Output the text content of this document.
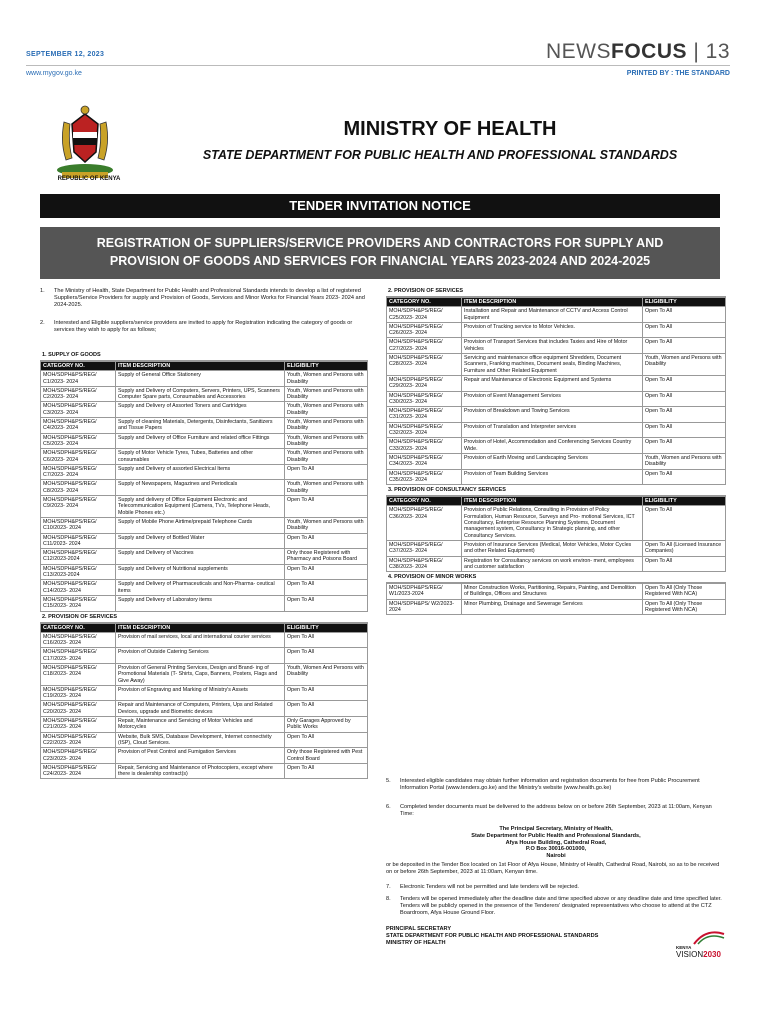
SEPTEMBER 12, 2023
www.mygov.go.ke
NEWSFOCUS | 13
PRINTED BY : THE STANDARD
REPUBLIC OF KENYA
MINISTRY OF HEALTH
STATE DEPARTMENT FOR PUBLIC HEALTH AND PROFESSIONAL STANDARDS
TENDER INVITATION NOTICE
REGISTRATION OF SUPPLIERS/SERVICE PROVIDERS AND CONTRACTORS FOR SUPPLY AND
PROVISION OF GOODS AND SERVICES FOR FINANCIAL YEARS 2023-2024 AND 2024-2025
1. The Ministry of Health, State Department for Public Health and Professional Standards intends to develop a list of registered Suppliers/Service Providers for supply and Provision of Goods, Services and Minor Works for Financial Years 2023- 2024 and 2024-2025.
2. Interested and Eligible suppliers/service providers are invited to apply for Registration indicating the category of goods or services they wish to apply for as follows;
1. SUPPLY OF GOODS
CATEGORY NO.	ITEM DESCRIPTION	ELIGIBILITY
MOH/SDPH&PS/REG/ C1/2023- 2024	Supply of General Office Stationery	Youth, Women and Persons with Disability
MOH/SDPH&PS/REG/ C2/2023- 2024	Supply and Delivery of Computers, Servers, Printers, UPS, Scanners Computer Spare parts, Consumables and Accessories	Youth, Women and Persons with Disability
MOH/SDPH&PS/REG/ C3/2023- 2024	Supply and Delivery of Assorted Toners and Cartridges	Youth, Women and Persons with Disability
MOH/SDPH&PS/REG/ C4/2023- 2024	Supply of cleaning Materials, Detergents, Disinfectants, Sanitizers and Tissue Papers	Youth, Women and Persons with Disability
MOH/SDPH&PS/REG/ C5/2023- 2024	Supply and Delivery of Office Furniture and related office Fittings	Youth, Women and Persons with Disability
MOH/SDPH&PS/REG/ C6/2023- 2024	Supply of Motor Vehicle Tyres, Tubes, Batteries and other consumables	Youth, Women and Persons with Disability
MOH/SDPH&PS/REG/ C7/2023- 2024	Supply and Delivery of assorted Electrical Items	Open To All
MOH/SDPH&PS/REG/ C8/2023- 2024	Supply of Newspapers, Magazines and Periodicals	Youth, Women and Persons with Disability
MOH/SDPH&PS/REG/ C9/2023- 2024	Supply and delivery of Office Equipment Electronic and Telecommunication Equipment (Camera, TVs, Telephone Heads, Mobile Phones etc.)	Open To All
MOH/SDPH&PS/REG/ C10/2023- 2024	Supply of Mobile Phone Airtime/prepaid Telephone Cards	Youth, Women and Persons with Disability
MOH/SDPH&PS/REG/ C11/2023- 2024	Supply and Delivery of Bottled Water	Open To All
MOH/SDPH&PS/REG/ C12/2023-2024	Supply and Delivery of Vaccines	Only those Registered with Pharmacy and Poisons Board
MOH/SDPH&PS/REG/ C13/2023-2024	Supply and Delivery of Nutritional supplements	Open To All
MOH/SDPH&PS/REG/ C14/2023- 2024	Supply and Delivery of Pharmaceuticals and Non-Pharma- ceutical items	Open To All
MOH/SDPH&PS/REG/ C15/2023- 2024	Supply and Delivery of Laboratory items	Open To All
2. PROVISION OF SERVICES
CATEGORY NO.	ITEM DESCRIPTION	ELIGIBILITY
MOH/SDPH&PS/REG/ C16/2023- 2024	Provision of mail services, local and international courier services	Open To All
MOH/SDPH&PS/REG/ C17/2023- 2024	Provision of Outside Catering Services	Open To All
MOH/SDPH&PS/REG/ C18/2023- 2024	Provision of General Printing Services, Design and Brand- ing of Promotional Materials (T- Shirts, Caps, Banners, Posters, Flags and Give Away)	Youth, Women And Persons with Disability
MOH/SDPH&PS/REG/ C19/2023- 2024	Provision of Engraving and Marking of Ministry's Assets	Open To All
MOH/SDPH&PS/REG/ C20/2023- 2024	Repair and Maintenance of Computers, Printers, Ups and Related Devices, upgrade and Biometric devices	Open To All
MOH/SDPH&PS/REG/ C21/2023- 2024	Repair, Maintenance and Servicing of Motor Vehicles and Motorcycles	Only Garages Approved by Public Works
MOH/SDPH&PS/REG/ C22/2023- 2024	Website, Bulk SMS, Database Development, Internet connectivity (ISP), Cloud Services.	Open To All
MOH/SDPH&PS/REG/ C23/2023- 2024	Provision of Pest Control and Fumigation Services	Only those Registered with Pest Control Board
MOH/SDPH&PS/REG/ C24/2023- 2024	Repair, Servicing and Maintenance of Photocopiers, except where there is dealership contract(s)	Open To All
2. PROVISION OF SERVICES
CATEGORY NO.	ITEM DESCRIPTION	ELIGIBILITY
MOH/SDPH&PS/REG/ C25/2023- 2024	Installation and Repair and Maintenance of CCTV and Access Control Equipment	Open To All
MOH/SDPH&PS/REG/ C26/2023- 2024	Provision of Tracking service to Motor Vehicles.	Open To All
MOH/SDPH&PS/REG/ C27/2023- 2024	Provision of Transport Services that includes Taxies and Hire of Motor Vehicles	Open To All
MOH/SDPH&PS/REG/ C28/2023- 2024	Servicing and maintenance office equipment Shredders, Document Scanners, Franking machines, Document seals, Binding Machines, Furniture and Other Related Equipment	Youth, Women and Persons with Disability
MOH/SDPH&PS/REG/ C29/2023- 2024	Repair and Maintenance of Electronic Equipment and Systems	Open To All
MOH/SDPH&PS/REG/ C30/2023- 2024	Provision of Event Management Services	Open To All
MOH/SDPH&PS/REG/ C31/2023- 2024	Provision of Breakdown and Towing Services	Open To All
MOH/SDPH&PS/REG/ C32/2023- 2024	Provision of Translation and Interpreter services	Open To All
MOH/SDPH&PS/REG/ C33/2023- 2024	Provision of Hotel, Accommodation and Conferencing Services Country Wide.	Open To All
MOH/SDPH&PS/REG/ C34/2023- 2024	Provision of Earth Moving and Landscaping Services	Youth, Women and Persons with Disability
MOH/SDPH&PS/REG/ C35/2023- 2024	Provision of Team Building Services	Open To All
3. PROVISION OF CONSULTANCY SERVICES
CATEGORY NO.	ITEM DESCRIPTION	ELIGIBILITY
MOH/SDPH&PS/REG/ C36/2023- 2024	Provision of Public Relations, Consulting in Provision of Policy Formulation, Human Resource, Surveys and Pro- motional Services, ICT Consultancy, Enterprise Resource Planning Systems, Document management system, Consultancy in Strategic planning, and other Consultancy Services.	Open To All
MOH/SDPH&PS/REG/ C37/2023- 2024	Provision of Insurance Services (Medical, Motor Vehicles, Motor Cycles and other Related Equipment)	Open To All (Licensed Insurance Companies)
MOH/SDPH&PS/REG/ C38/2023- 2024	Registration for Consultancy services on work environ- ment, employees and customer satisfaction	Open To All
4. PROVISION OF MINOR WORKS
MOH/SDPH&PS/REG/ W1/2023-2024	Minor Construction Works, Partitioning, Repairs, Painting, and Demolition of Buildings, Offices and Structures	Open To All (Only Those Registered With NCA)
MOH/SDPH&PS/ W2/2023-2024	Minor Plumbing, Drainage and Sewerage Services	Open To All (Only Those Registered With NCA)
5. Interested eligible candidates may obtain further information and registration documents for free from Public Procurement Information Portal (www.tenders.go.ke) and the Ministry's website (www.health.go.ke)
6. Completed tender documents must be delivered to the address below on or before 26th September, 2023 at 11:00am, Kenyan Time:
The Principal Secretary, Ministry of Health,
State Department for Public Health and Professional Standards,
Afya House Building, Cathedral Road,
P.O Box 30016-001000,
Nairobi
or be deposited in the Tender Box located on 1st Floor of Afya House, Ministry of Health, Cathedral Road, Nairobi, so as to be received on or before 26th September, 2023 at 11:00am, Kenyan time.
7. Electronic Tenders will not be permitted and late tenders will be rejected.
8. Tenders will be opened immediately after the deadline date and time specified above or any deadline date and time specified later. Tenders will be publicly opened in the presence of the Tenderers' designated representatives who choose to attend at the CTZ Boardroom, Afya House Ground Floor.
PRINCIPAL SECRETARY
STATE DEPARTMENT FOR PUBLIC HEALTH AND PROFESSIONAL STANDARDS
MINISTRY OF HEALTH
KENYA
VISION2030
